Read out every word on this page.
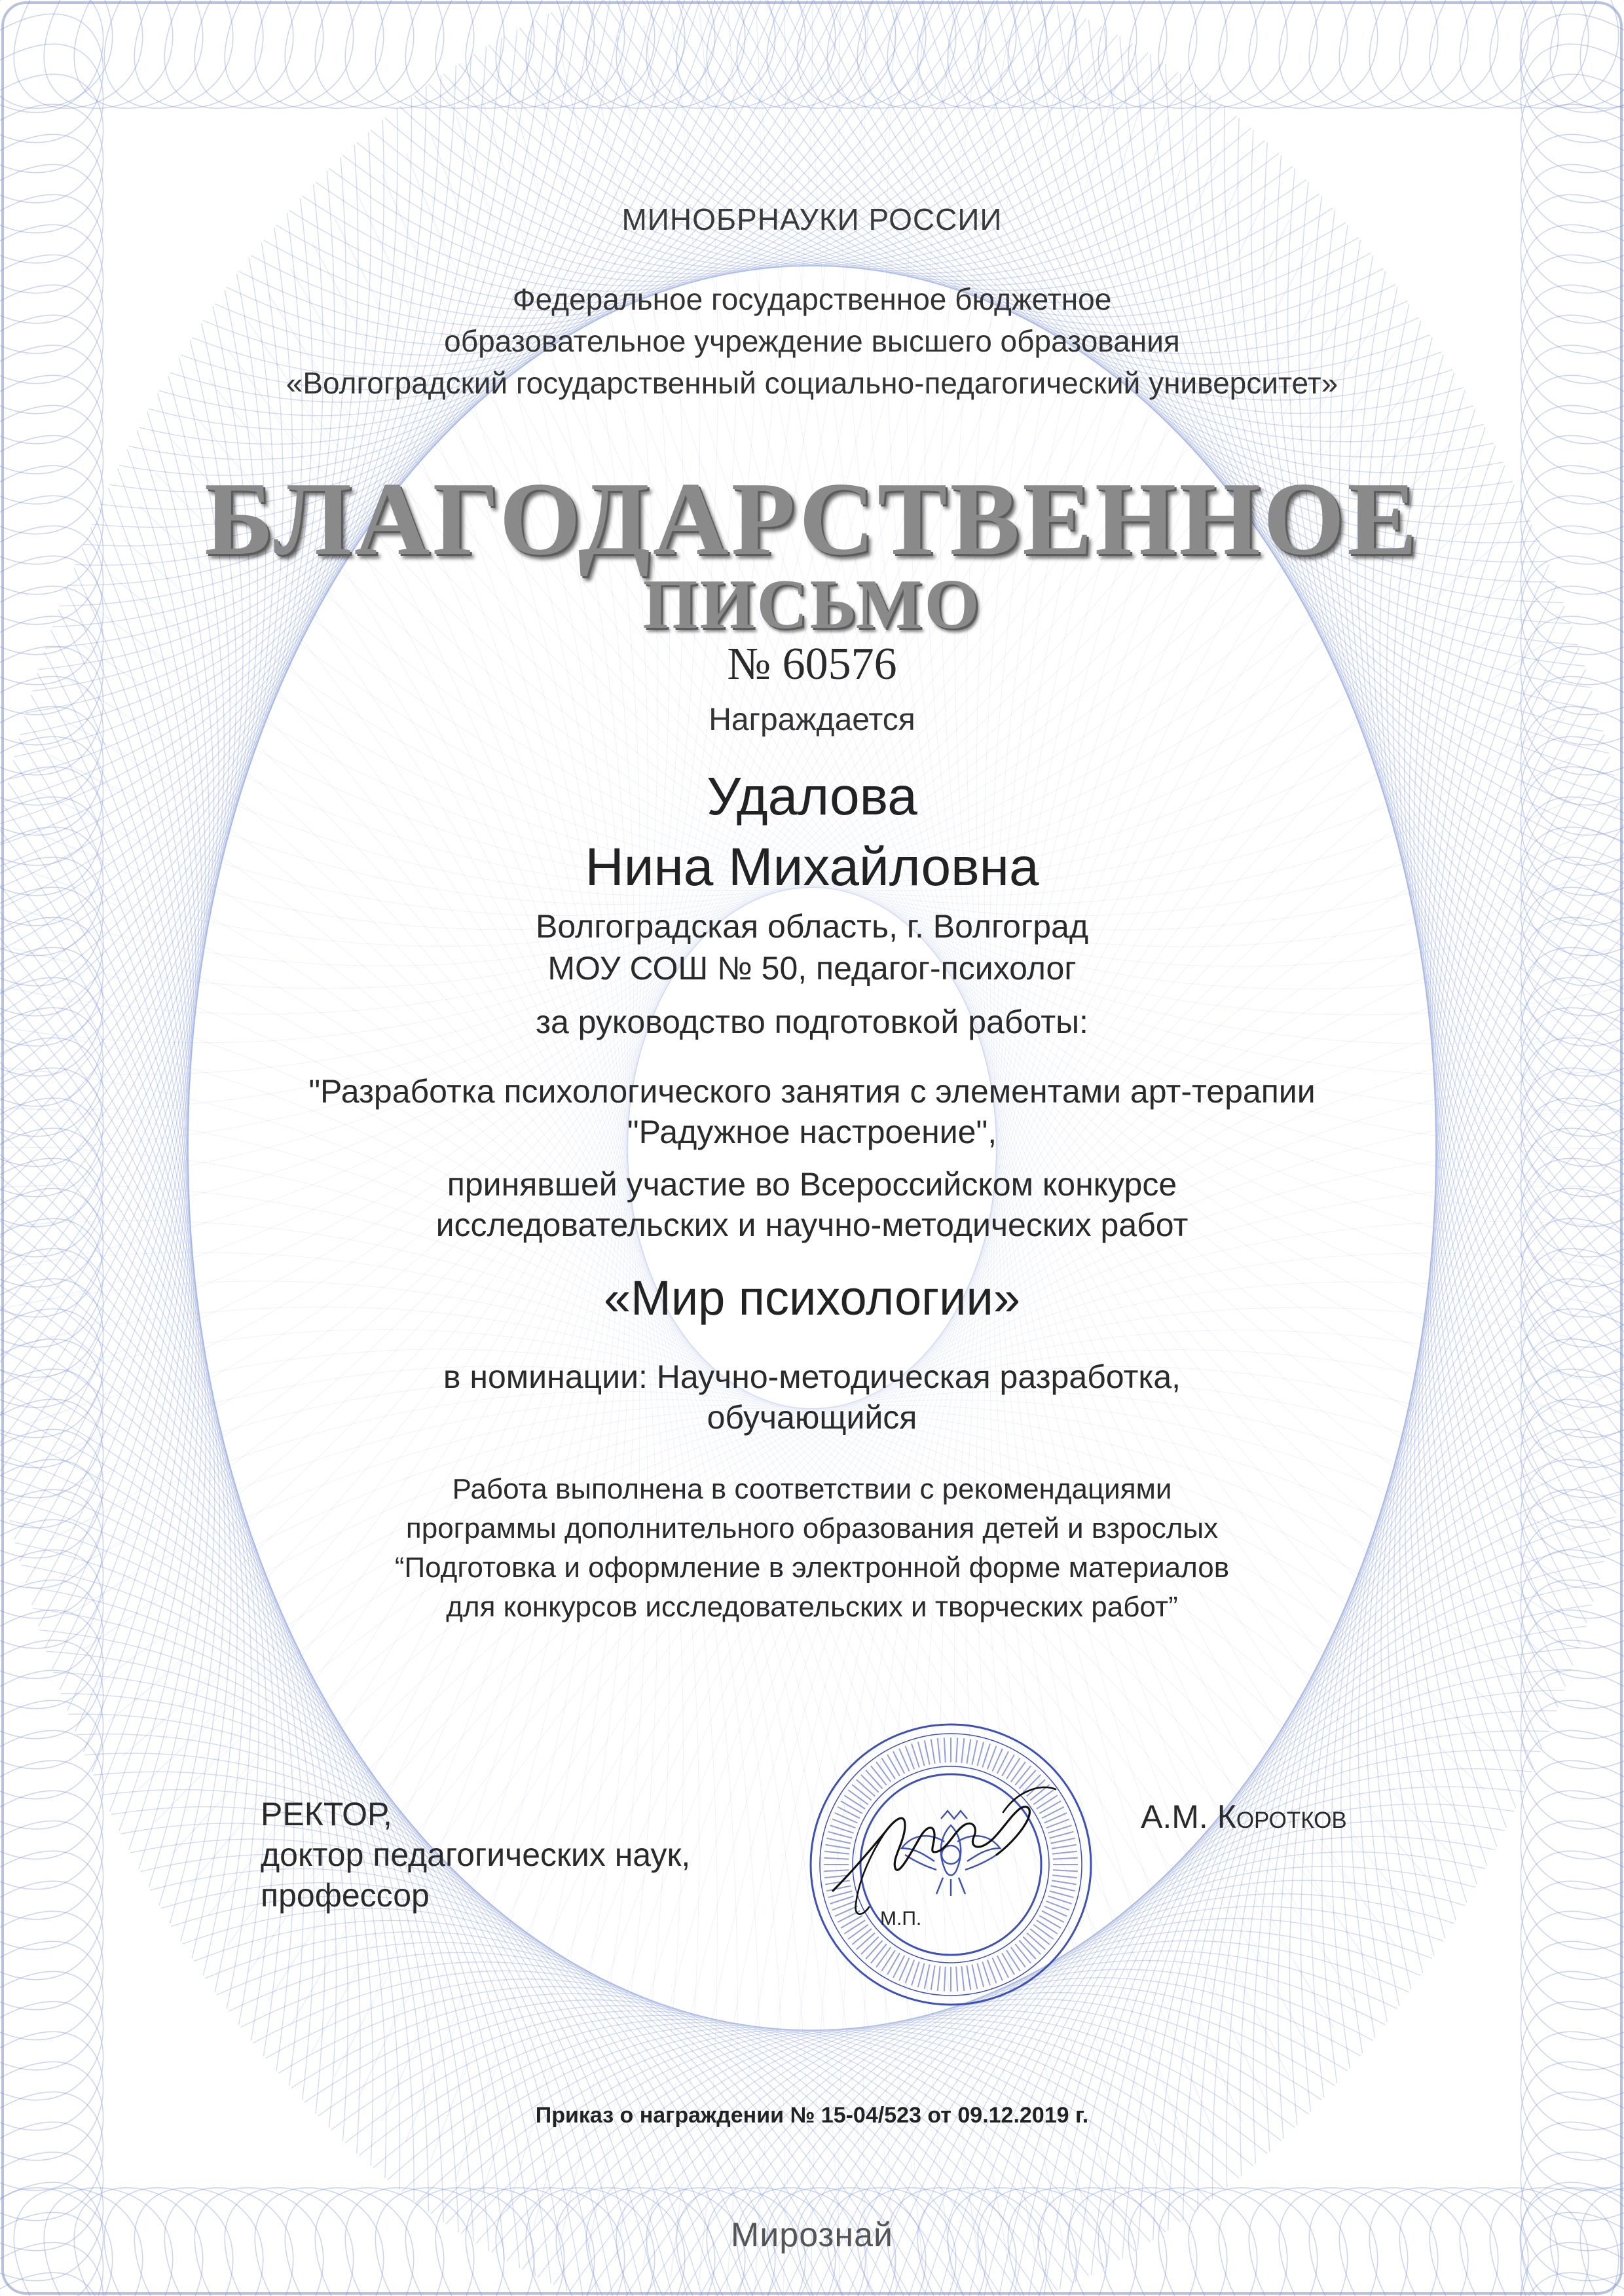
МИНОБРНАУКИ РОССИИ
Федеральное государственное бюджетное
образовательное учреждение высшего образования
«Волгоградский государственный социально-педагогический университет»
БЛАГОДАРСТВЕННОЕ
ПИСЬМО
№ 60576
Награждается
Удалова
Нина Михайловна
Волгоградская область, г. Волгоград
МОУ СОШ № 50, педагог-психолог
за руководство подготовкой работы:
"Разработка психологического занятия с элементами арт-терапии
"Радужное настроение",
принявшей участие во Всероссийском конкурсе
исследовательских и научно-методических работ
«Мир психологии»
в номинации: Научно-методическая разработка,
обучающийся
Работа выполнена в соответствии с рекомендациями
программы дополнительного образования детей и взрослых
“Подготовка и оформление в электронной форме материалов
для конкурсов исследовательских и творческих работ”
РЕКТОР,
доктор педагогических наук,
профессор
М.П.
А.М. Коротков
Приказ о награждении № 15-04/523 от 09.12.2019 г.
Мирознай
